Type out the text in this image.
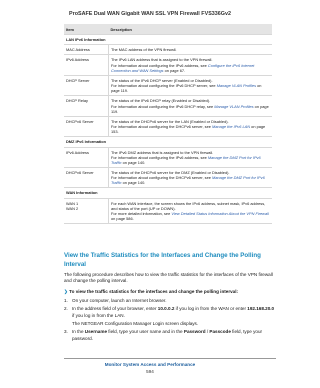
ProSAFE Dual WAN Gigabit WAN SSL VPN Firewall FVS336Gv2
Item	Description
LAN IPv6 Information	
MAC Address	The MAC address of the VPN firewall.
IPv6 Address	The IPv6 LAN address that is assigned to the VPN firewall.
For information about configuring the IPv6 address, see Configure the IPv6 Internet Connection and WAN Settings on page 67.
DHCP Server	The status of the IPv6 DHCP server (Enabled or Disabled).
For information about configuring the IPv6 DHCP server, see Manage VLAN Profiles on page 119.
DHCP Relay	The status of the IPv6 DHCP relay (Enabled or Disabled).
For information about configuring the IPv6 DHCP relay, see Manage VLAN Profiles on page 119.
DHCPv6 Server	The status of the DHCPv6 server for the LAN (Enabled or Disabled).
For information about configuring the DHCPv6 server, see Manage the IPv6 LAN on page 153.
DMZ IPv6 Information	
IPv6 Address	The IPv6 DMZ address that is assigned to the VPN firewall.
For information about configuring the IPv6 address, see Manage the DMZ Port for IPv6 Traffic on page 140.
DHCPv6 Server	The status of the DHCPv6 server for the DMZ (Enabled or Disabled).
For information about configuring the DHCPv6 server, see Manage the DMZ Port for IPv6 Traffic on page 140.
WAN Information	
WAN 1
WAN 2	For each WAN interface, the screen shows the IPv6 address, subnet mask, IPv6 address, and status of the port (UP or DOWN).
For more detailed information, see View Detailed Status Information About the VPN Firewall on page 586.
View the Traffic Statistics for the Interfaces and Change the Polling Interval
The following procedure describes how to view the traffic statistics for the interfaces of the VPN firewall and change the polling interval.
❯ To view the traffic statistics for the interfaces and change the polling interval:
1. On your computer, launch an Internet browser.
2. In the address field of your browser, enter 10.0.0.2 if you log in from the WAN or enter 192.168.20.0 if you log in from the LAN.
The NETGEAR Configuration Manager Login screen displays.
3. In the Username field, type your user name and in the Password / Passcode field, type your password.
Monitor System Access and Performance
594
